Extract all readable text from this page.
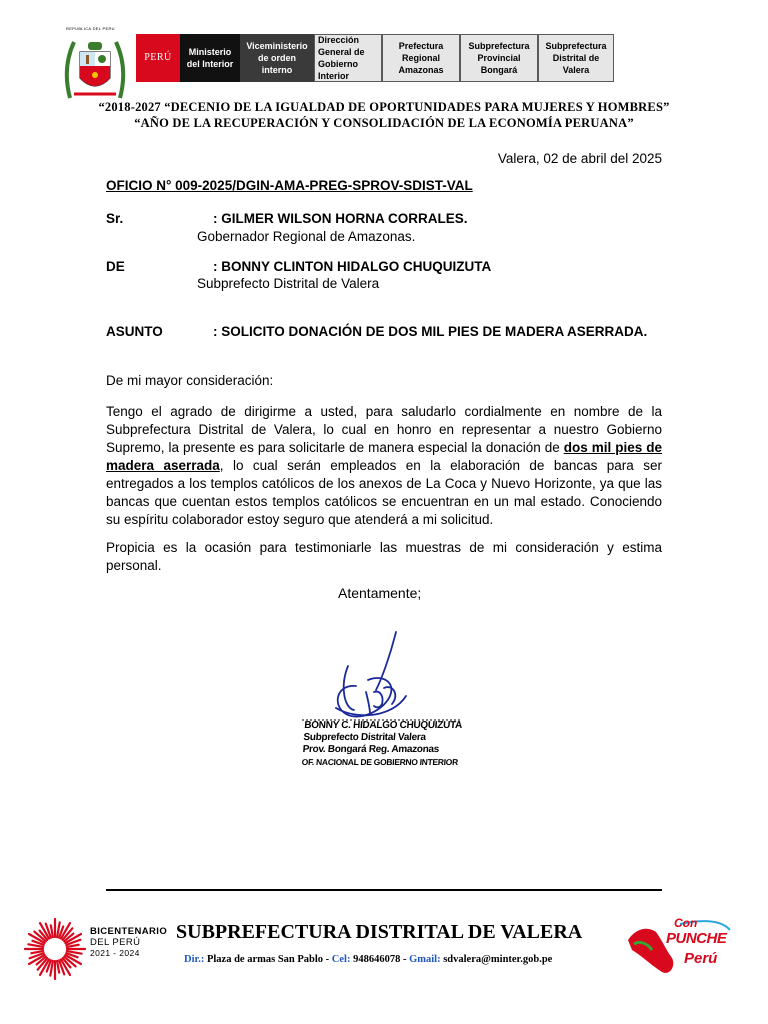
REPUBLICA DEL PERU
PERÚ	Ministerio del Interior
Viceministerio de orden interno
Dirección General de Gobierno Interior
Prefectura Regional Amazonas
Subprefectura Provincial Bongará
Subprefectura Distrital de Valera
“2018-2027 “DECENIO DE LA IGUALDAD DE OPORTUNIDADES PARA MUJERES Y HOMBRES”
“AÑO DE LA RECUPERACIÓN Y CONSOLIDACIÓN DE LA ECONOMÍA PERUANA”
Valera, 02 de abril del 2025
OFICIO N° 009-2025/DGIN-AMA-PREG-SPROV-SDIST-VAL
Sr.	: GILMER WILSON HORNA CORRALES.
Gobernador Regional de Amazonas.
DE	: BONNY CLINTON HIDALGO CHUQUIZUTA
Subprefecto Distrital de Valera
ASUNTO	: SOLICITO DONACIÓN DE DOS MIL PIES DE MADERA ASERRADA.
De mi mayor consideración:
Tengo el agrado de dirigirme a usted, para saludarlo cordialmente en nombre de la Subprefectura Distrital de Valera, lo cual en honro en representar a nuestro Gobierno Supremo, la presente es para solicitarle de manera especial la donación de dos mil pies de madera aserrada, lo cual serán empleados en la elaboración de bancas para ser entregados a los templos católicos de los anexos de La Coca y Nuevo Horizonte, ya que las bancas que cuentan estos templos católicos se encuentran en un mal estado. Conociendo su espíritu colaborador estoy seguro que atenderá a mi solicitud.
Propicia es la ocasión para testimoniarle las muestras de mi consideración y estima personal.
Atentamente;
BONNY C. HIDALGO CHUQUIZUTA
Subprefecto Distrital Valera
Prov. Bongará Reg. Amazonas
OF. NACIONAL DE GOBIERNO INTERIOR
BICENTENARIO
DEL PERÚ
2021 - 2024
SUBPREFECTURA DISTRITAL DE VALERA
Dir.: Plaza de armas San Pablo - Cel: 948646078 - Gmail: sdvalera@minter.gob.pe
Con
PUNCHE
Perú
